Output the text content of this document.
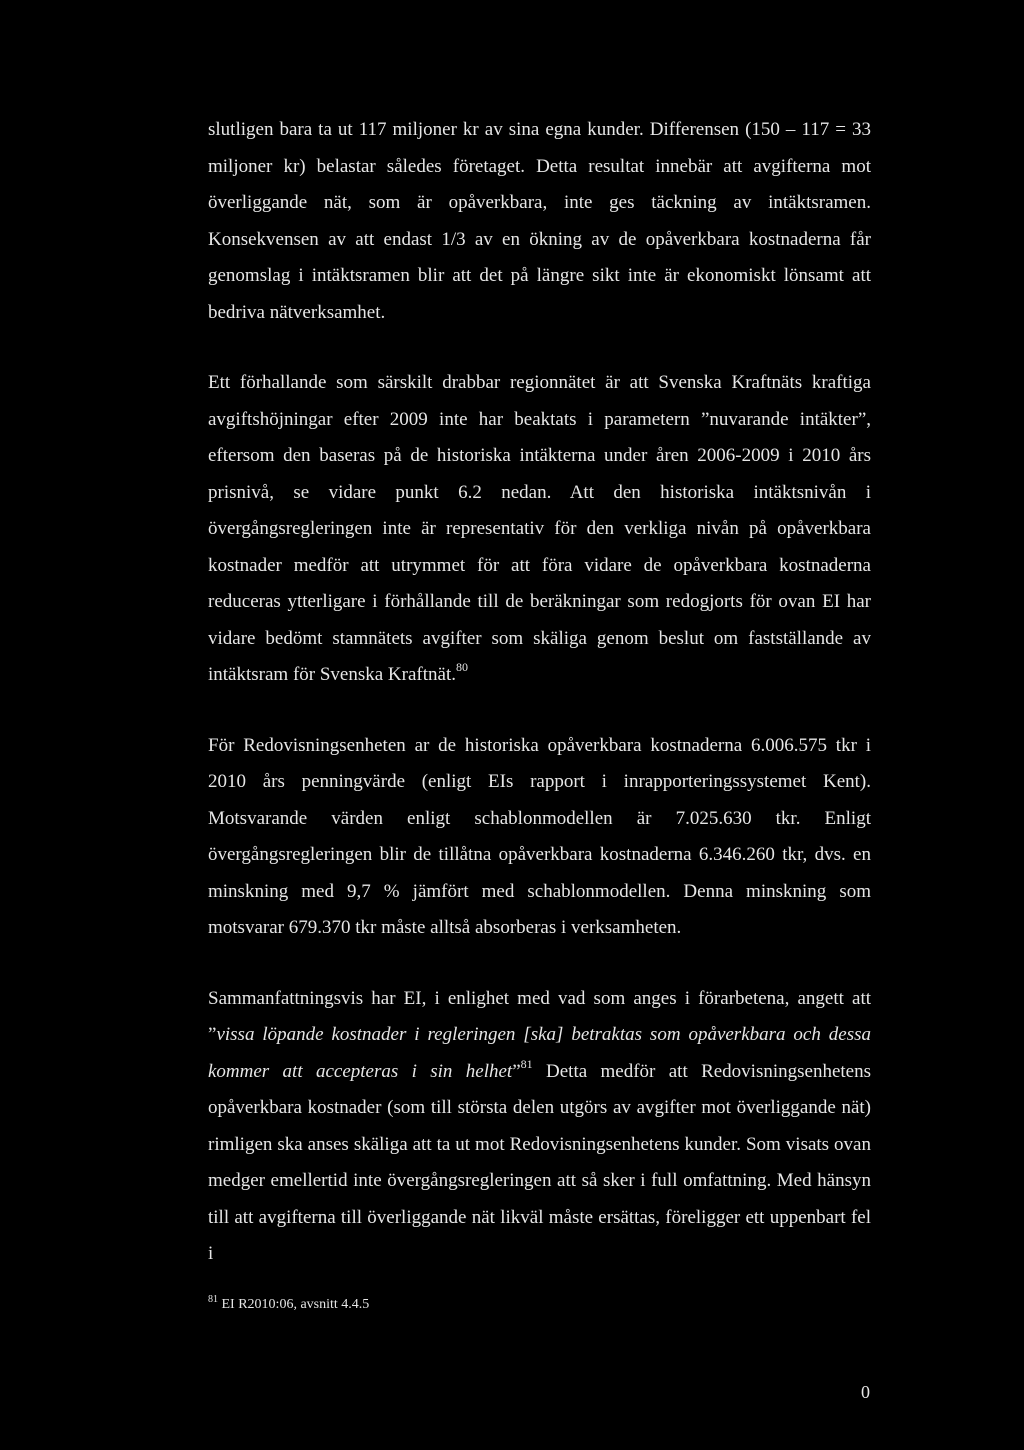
slutligen bara ta ut 117 miljoner kr av sina egna kunder. Differensen (150 – 117 = 33 miljoner kr) belastar således företaget. Detta resultat innebär att avgifterna mot överliggande nät, som är opåverkbara, inte ges täckning av intäktsramen. Konsekvensen av att endast 1/3 av en ökning av de opåverkbara kostnaderna får genomslag i intäktsramen blir att det på längre sikt inte är ekonomiskt lönsamt att bedriva nätverksamhet.

Ett förhallande som särskilt drabbar regionnätet är att Svenska Kraftnäts kraftiga avgiftshöjningar efter 2009 inte har beaktats i parametern ”nuvarande intäkter”, eftersom den baseras på de historiska intäkterna under åren 2006-2009 i 2010 års prisnivå, se vidare punkt 6.2 nedan. Att den historiska intäktsnivån i övergångsregleringen inte är representativ för den verkliga nivån på opåverkbara kostnader medför att utrymmet för att föra vidare de opåverkbara kostnaderna reduceras ytterligare i förhållande till de beräkningar som redogjorts för ovan EI har vidare bedömt stamnätets avgifter som skäliga genom beslut om fastställande av intäktsram för Svenska Kraftnät.$^{80}$

För Redovisningsenheten ar de historiska opåverkbara kostnaderna 6.006.575 tkr i 2010 års penningvärde (enligt EIs rapport i inrapporteringssystemet Kent). Motsvarande värden enligt schablonmodellen är 7.025.630 tkr. Enligt övergångsregleringen blir de tillåtna opåverkbara kostnaderna 6.346.260 tkr, dvs. en minskning med 9,7 % jämfört med schablonmodellen. Denna minskning som motsvarar 679.370 tkr måste alltså absorberas i verksamheten.

Sammanfattningsvis har EI, i enlighet med vad som anges i förarbetena, angett att ”vissa löpande kostnader i regleringen [ska] betraktas som opåverkbara och dessa kommer att accepteras i sin helhet”$^{81}$ Detta medför att Redovisningsenhetens opåverkbara kostnader (som till största delen utgörs av avgifter mot överliggande nät) rimligen ska anses skäliga att ta ut mot Redovisningsenhetens kunder. Som visats ovan medger emellertid inte övergångsregleringen att så sker i full omfattning. Med hänsyn till att avgifterna till överliggande nät likväl måste ersättas, föreligger ett uppenbart fel i

$^{81}$ EI R2010:06, avsnitt 4.4.5
0
